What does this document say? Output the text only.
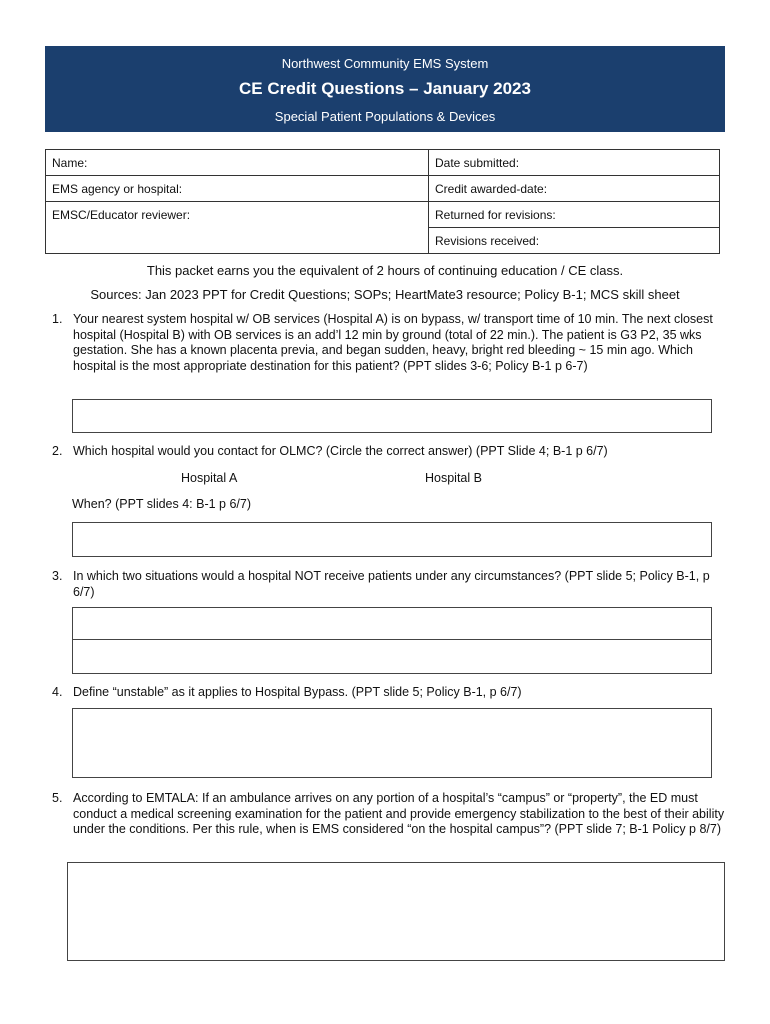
Northwest Community EMS System
CE Credit Questions – January 2023
Special Patient Populations & Devices
Name:	Date submitted:
EMS agency or hospital:	Credit awarded-date:
EMSC/Educator reviewer:	Returned for revisions:
	Revisions received:
This packet earns you the equivalent of 2 hours of continuing education / CE class.
Sources: Jan 2023 PPT for Credit Questions; SOPs; HeartMate3 resource; Policy B-1; MCS skill sheet
1. Your nearest system hospital w/ OB services (Hospital A) is on bypass, w/ transport time of 10 min. The next closest hospital (Hospital B) with OB services is an add’l 12 min by ground (total of 22 min.). The patient is G3 P2, 35 wks gestation. She has a known placenta previa, and began sudden, heavy, bright red bleeding ~ 15 min ago. Which hospital is the most appropriate destination for this patient? (PPT slides 3-6; Policy B-1 p 6-7)
2. Which hospital would you contact for OLMC? (Circle the correct answer) (PPT Slide 4; B-1 p 6/7)
Hospital A	Hospital B
When? (PPT slides 4: B-1 p 6/7)
3. In which two situations would a hospital NOT receive patients under any circumstances? (PPT slide 5; Policy B-1, p 6/7)
4. Define “unstable” as it applies to Hospital Bypass. (PPT slide 5; Policy B-1, p 6/7)
5. According to EMTALA: If an ambulance arrives on any portion of a hospital’s “campus” or “property”, the ED must conduct a medical screening examination for the patient and provide emergency stabilization to the best of their ability under the conditions. Per this rule, when is EMS considered “on the hospital campus”? (PPT slide 7; B-1 Policy p 8/7)
